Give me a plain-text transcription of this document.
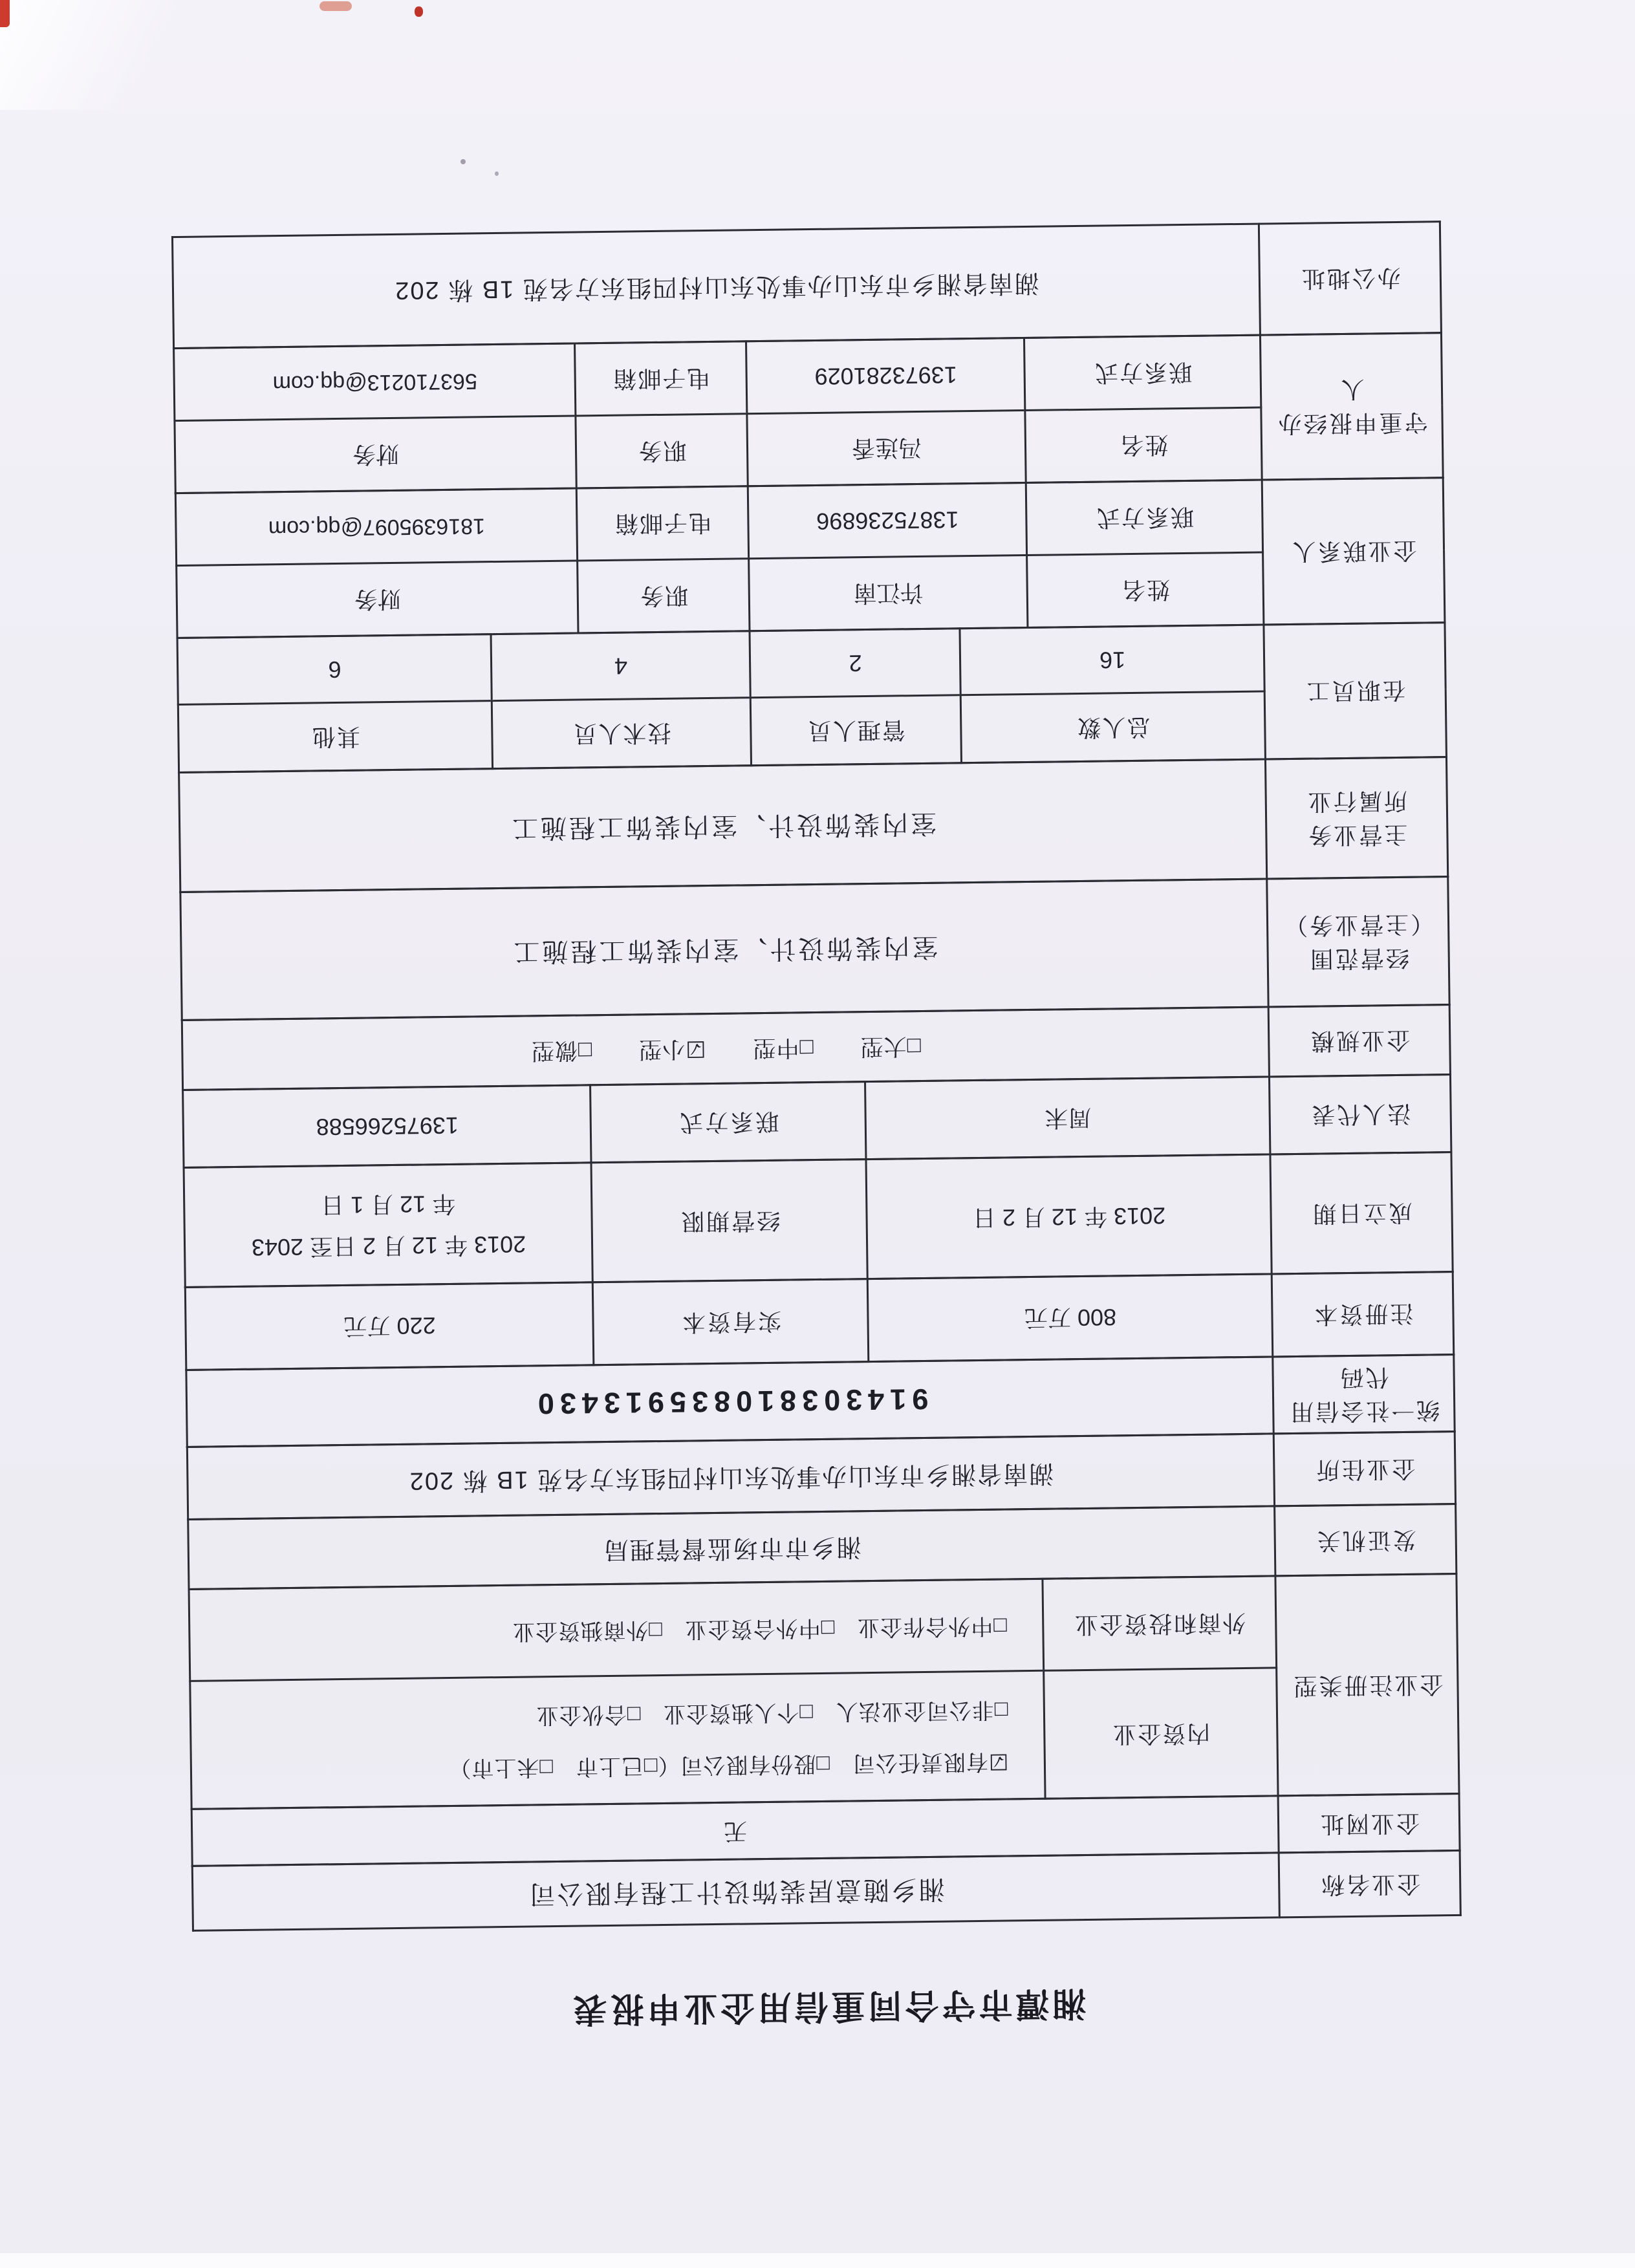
湘潭市守合同重信用企业申报表
企业名称	湘乡随意居装饰设计工程有限公司
企业网址	无
企业注册类型	内资企业	☑有限责任公司　□股份有限公司（□已上市　□未上市）
□非公司企业法人　□个人独资企业　□合伙企业
	外商和投资企业	□中外合作企业　□中外合资企业　□外商独资企业
发证机关	湘乡市市场监督管理局
企业住所	湖南省湘乡市东山办事处东山村四组东方名苑 1B 栋 202
统一社会信用代码	914303810835913430
注册资本	800 万元	实有资本	220 万元
成立日期	2013 年 12 月 2 日	经营期限	2013 年 12 月 2 日至 2043
年 12 月 1 日
法人代表	周末	联系方式	13975266588
企业规模	□大型　　□中型　　☑小型　　□微型
经营范围
（主营业务）	室内装饰设计、室内装饰工程施工
主营业务
所属行业	室内装饰设计、室内装饰工程施工
在职员工	总人数	管理人员	技术人员	其他
	16	2	4	6
企业联系人	姓名	许江南	职务	财务
	联系方式	13875236896	电子邮箱	1816395097@qq.com
守重申报经办人	姓名	冯连香	职务	财务
	联系方式	13973281029	电子邮箱	563710213@qq.com
办公地址	湖南省湘乡市东山办事处东山村四组东方名苑 1B 栋 202
